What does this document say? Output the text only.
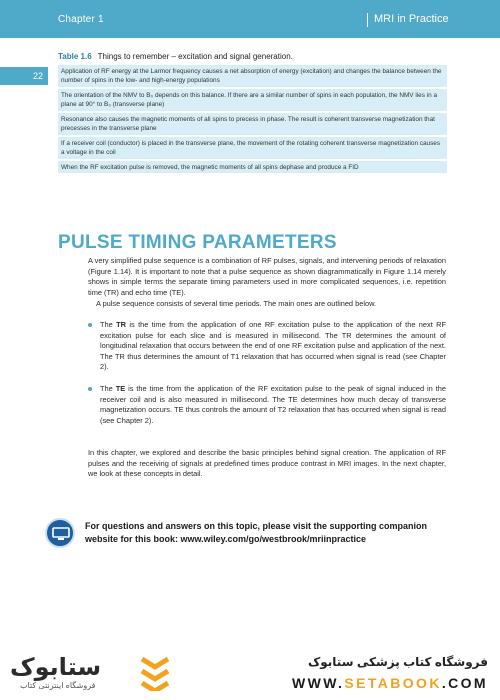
Chapter 1	MRI in Practice
22
Table 1.6 Things to remember – excitation and signal generation.
Application of RF energy at the Larmor frequency causes a net absorption of energy (excitation) and changes the balance between the number of spins in the low- and high-energy populations
The orientation of the NMV to B₀ depends on this balance. If there are a similar number of spins in each population, the NMV lies in a plane at 90° to B₀ (transverse plane)
Resonance also causes the magnetic moments of all spins to precess in phase. The result is coherent transverse magnetization that precesses in the transverse plane
If a receiver coil (conductor) is placed in the transverse plane, the movement of the rotating coherent transverse magnetization causes a voltage in the coil
When the RF excitation pulse is removed, the magnetic moments of all spins dephase and produce a FID
PULSE TIMING PARAMETERS

A very simplified pulse sequence is a combination of RF pulses, signals, and intervening periods of relaxation (Figure 1.14). It is important to note that a pulse sequence as shown diagrammatically in Figure 1.14 merely shows in simple terms the separate timing parameters used in more complicated sequences, i.e. repetition time (TR) and echo time (TE).

A pulse sequence consists of several time periods. The main ones are outlined below.

The TR is the time from the application of one RF excitation pulse to the application of the next RF excitation pulse for each slice and is measured in millisecond. The TR determines the amount of longitudinal relaxation that occurs between the end of one RF excitation pulse and application of the next. The TR thus determines the amount of T1 relaxation that has occurred when signal is read (see Chapter 2).
The TE is the time from the application of the RF excitation pulse to the peak of signal induced in the receiver coil and is also measured in millisecond. The TE determines how much decay of transverse magnetization occurs. TE thus controls the amount of T2 relaxation that has occurred when signal is read (see Chapter 2).

In this chapter, we explored and describe the basic principles behind signal creation. The application of RF pulses and the receiving of signals at predefined times produce contrast in MRI images. In the next chapter, we look at these concepts in detail.

For questions and answers on this topic, please visit the supporting companion website for this book: www.wiley.com/go/westbrook/mriinpractice
ستابوک
فروشگاه اینترنتی کتاب
فروشگاه کتاب پزشکی ستابوک
WWW.SETABOOK.COM
